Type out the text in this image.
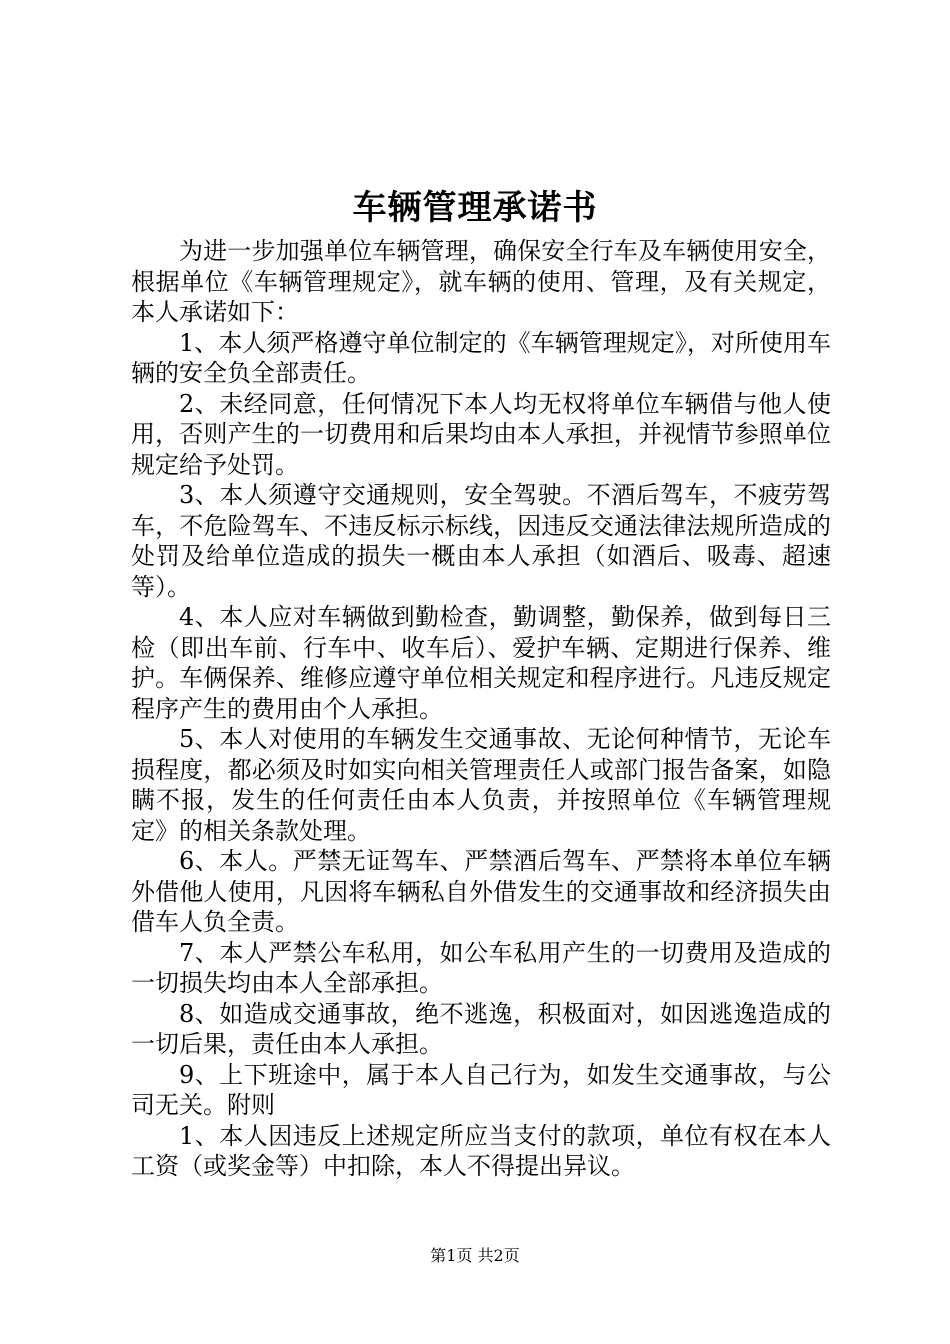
车辆管理承诺书

为进一步加强单位车辆管理，确保安全行车及车辆使用安全，根据单位《车辆管理规定》，就车辆的使用、管理，及有关规定，本人承诺如下：

1、本人须严格遵守单位制定的《车辆管理规定》，对所使用车辆的安全负全部责任。

2、未经同意，任何情况下本人均无权将单位车辆借与他人使用，否则产生的一切费用和后果均由本人承担，并视情节参照单位规定给予处罚。

3、本人须遵守交通规则，安全驾驶。不酒后驾车，不疲劳驾车，不危险驾车、不违反标示标线，因违反交通法律法规所造成的处罚及给单位造成的损失一概由本人承担（如酒后、吸毒、超速等）。

4、本人应对车辆做到勤检查，勤调整，勤保养，做到每日三检（即出车前、行车中、收车后）、爱护车辆、定期进行保养、维护。车俩保养、维修应遵守单位相关规定和程序进行。凡违反规定程序产生的费用由个人承担。

5、本人对使用的车辆发生交通事故、无论何种情节，无论车损程度，都必须及时如实向相关管理责任人或部门报告备案，如隐瞒不报，发生的任何责任由本人负责，并按照单位《车辆管理规定》的相关条款处理。

6、本人。严禁无证驾车、严禁酒后驾车、严禁将本单位车辆外借他人使用，凡因将车辆私自外借发生的交通事故和经济损失由借车人负全责。

7、本人严禁公车私用，如公车私用产生的一切费用及造成的一切损失均由本人全部承担。

8、如造成交通事故，绝不逃逸，积极面对，如因逃逸造成的一切后果，责任由本人承担。

9、上下班途中，属于本人自己行为，如发生交通事故，与公司无关。附则

1、本人因违反上述规定所应当支付的款项，单位有权在本人工资（或奖金等）中扣除，本人不得提出异议。

第1页 共2页
